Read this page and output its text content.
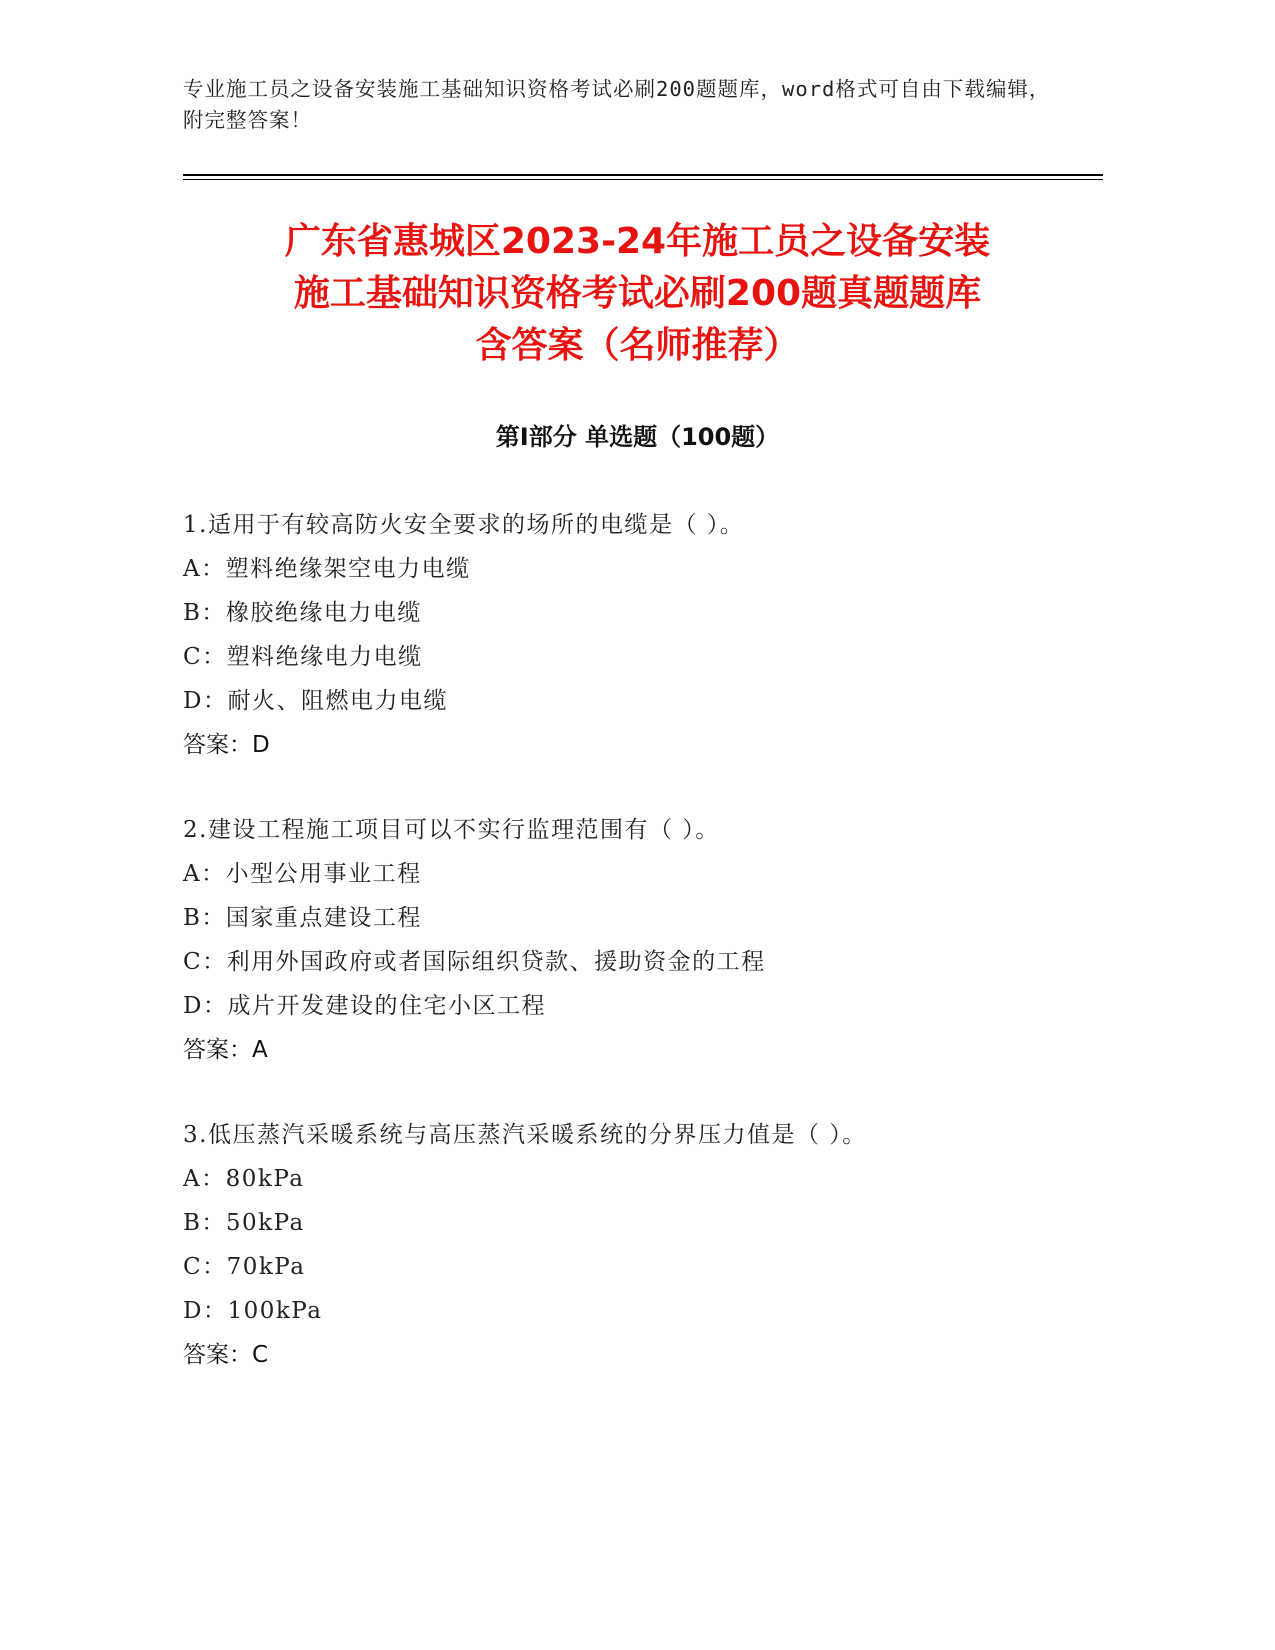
专业施工员之设备安装施工基础知识资格考试必刷200题题库，word格式可自由下载编辑，附完整答案！
广东省惠城区2023-24年施工员之设备安装
施工基础知识资格考试必刷200题真题题库
含答案（名师推荐）
第Ⅰ部分 单选题（100题）
1.适用于有较高防火安全要求的场所的电缆是（ ）。
A：塑料绝缘架空电力电缆
B：橡胶绝缘电力电缆
C：塑料绝缘电力电缆
D：耐火、阻燃电力电缆
答案：D
2.建设工程施工项目可以不实行监理范围有（ ）。
A：小型公用事业工程
B：国家重点建设工程
C：利用外国政府或者国际组织贷款、援助资金的工程
D：成片开发建设的住宅小区工程
答案：A
3.低压蒸汽采暖系统与高压蒸汽采暖系统的分界压力值是（ ）。
A：80kPa
B：50kPa
C：70kPa
D：100kPa
答案：C
